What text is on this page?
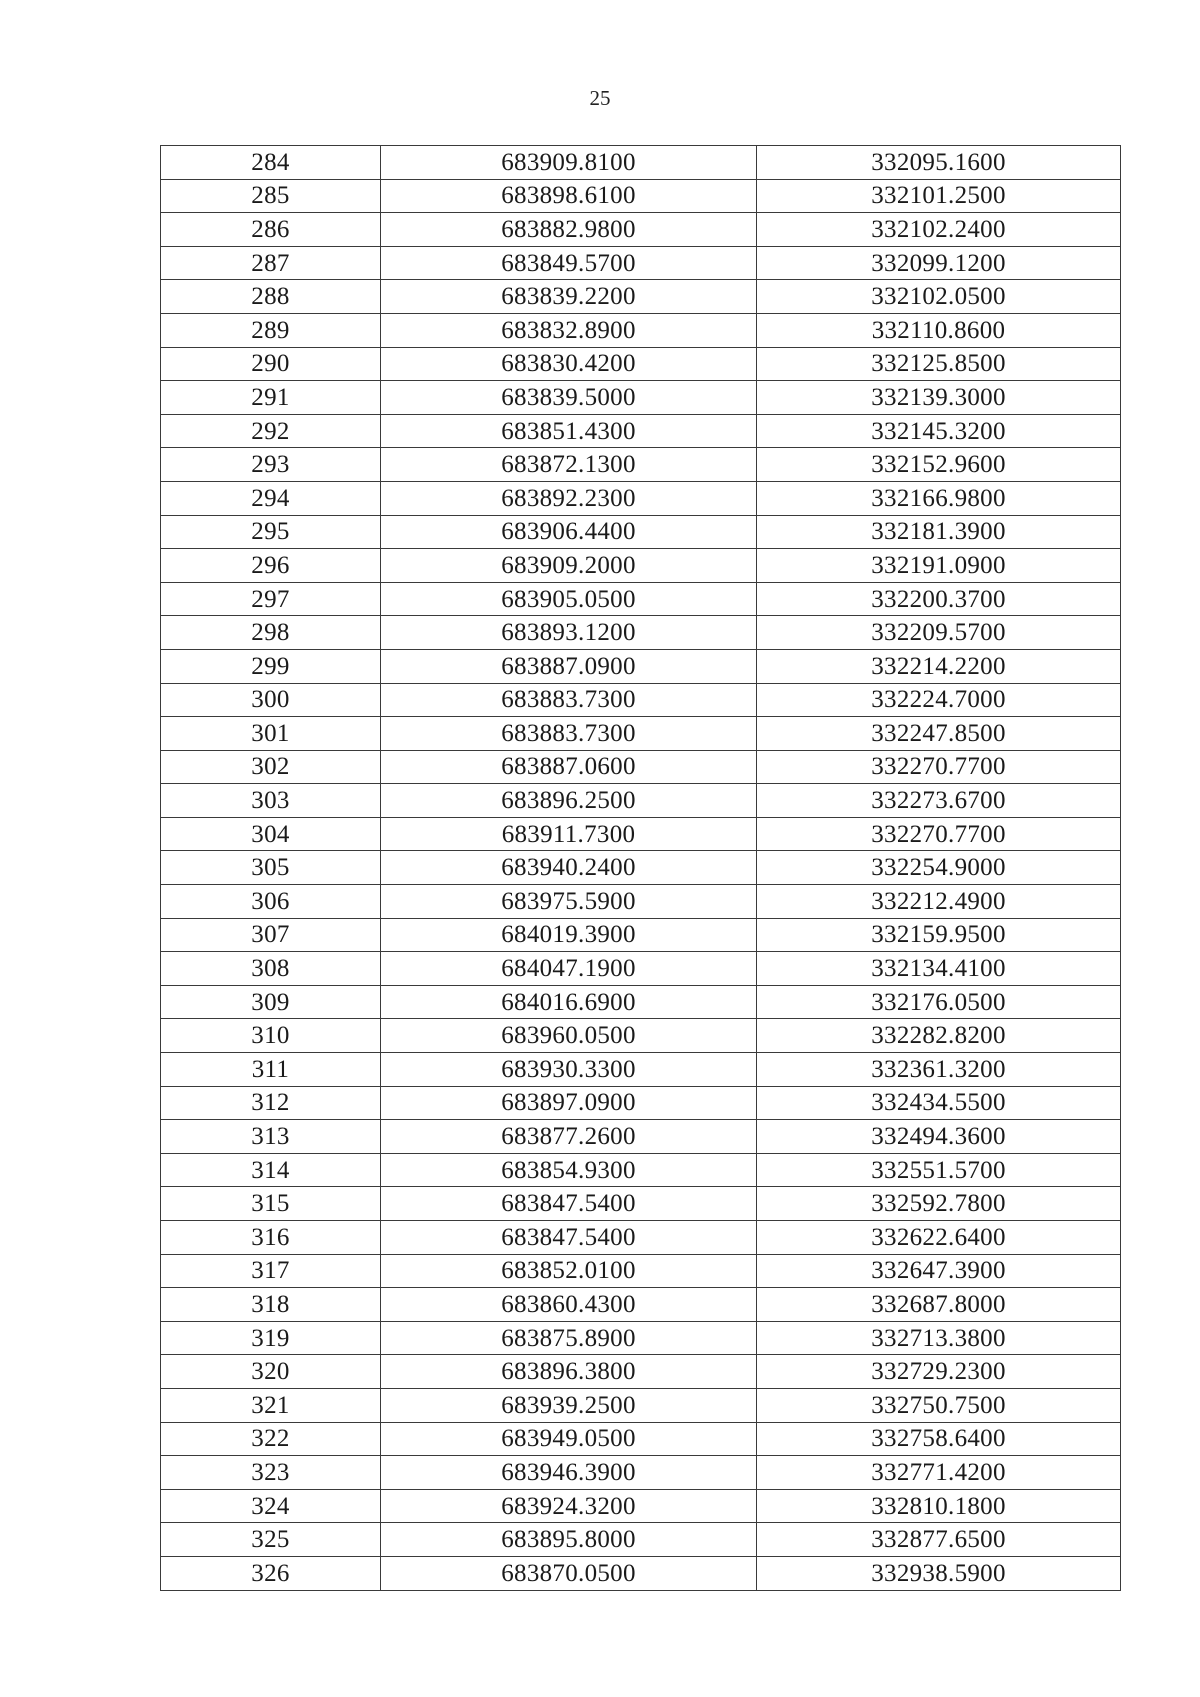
25
284	683909.8100	332095.1600
285	683898.6100	332101.2500
286	683882.9800	332102.2400
287	683849.5700	332099.1200
288	683839.2200	332102.0500
289	683832.8900	332110.8600
290	683830.4200	332125.8500
291	683839.5000	332139.3000
292	683851.4300	332145.3200
293	683872.1300	332152.9600
294	683892.2300	332166.9800
295	683906.4400	332181.3900
296	683909.2000	332191.0900
297	683905.0500	332200.3700
298	683893.1200	332209.5700
299	683887.0900	332214.2200
300	683883.7300	332224.7000
301	683883.7300	332247.8500
302	683887.0600	332270.7700
303	683896.2500	332273.6700
304	683911.7300	332270.7700
305	683940.2400	332254.9000
306	683975.5900	332212.4900
307	684019.3900	332159.9500
308	684047.1900	332134.4100
309	684016.6900	332176.0500
310	683960.0500	332282.8200
311	683930.3300	332361.3200
312	683897.0900	332434.5500
313	683877.2600	332494.3600
314	683854.9300	332551.5700
315	683847.5400	332592.7800
316	683847.5400	332622.6400
317	683852.0100	332647.3900
318	683860.4300	332687.8000
319	683875.8900	332713.3800
320	683896.3800	332729.2300
321	683939.2500	332750.7500
322	683949.0500	332758.6400
323	683946.3900	332771.4200
324	683924.3200	332810.1800
325	683895.8000	332877.6500
326	683870.0500	332938.5900
